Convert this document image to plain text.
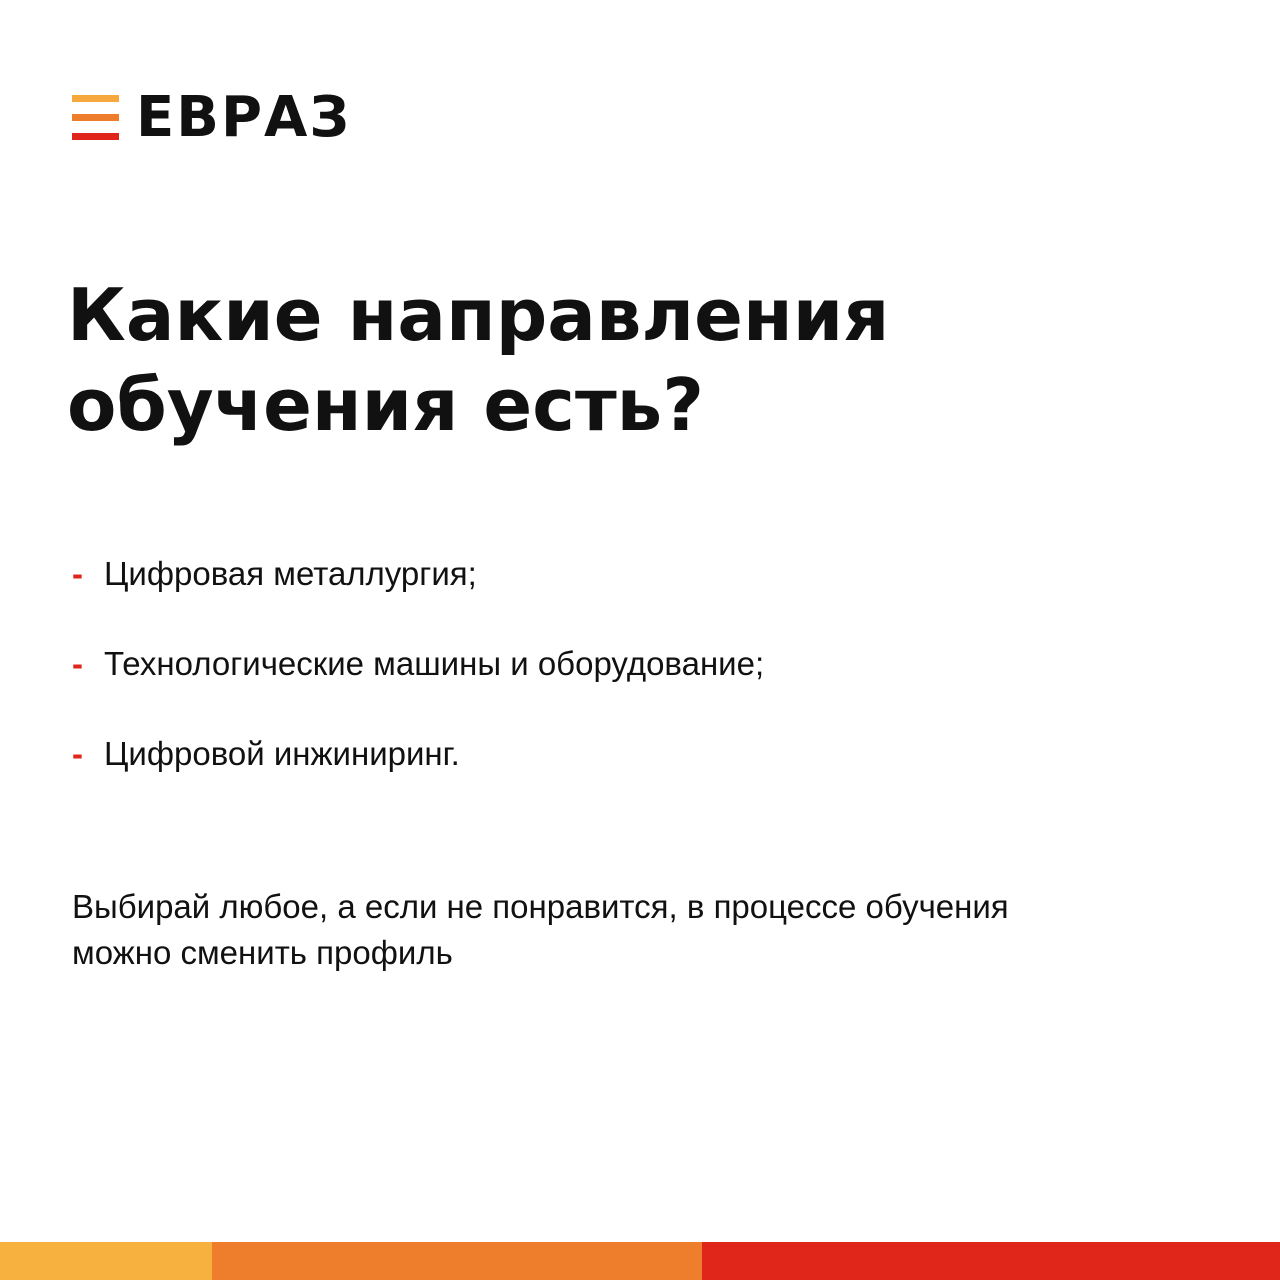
ЕВРАЗ
Какие направления
обучения есть?
- Цифровая металлургия;
- Технологические машины и оборудование;
- Цифровой инжиниринг.

Выбирай любое, а если не понравится, в процессе обучения
можно сменить профиль
